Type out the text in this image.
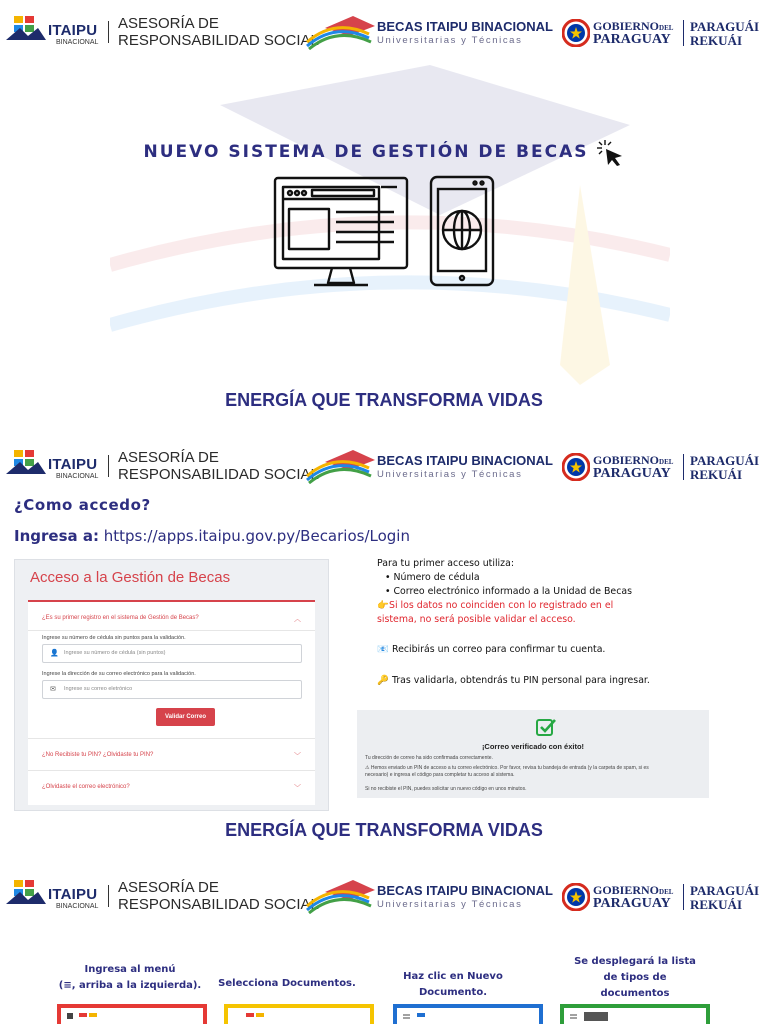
ITAIPU
BINACIONAL
ASESORÍA DE
RESPONSABILIDAD SOCIAL
BECAS ITAIPU BINACIONAL
Universitarias y Técnicas
GOBIERNODEL
PARAGUAY
PARAGUÁI
REKUÁI
NUEVO SISTEMA DE GESTIÓN DE BECAS
ENERGÍA QUE TRANSFORMA VIDAS
ITAIPU
BINACIONAL
ASESORÍA DE
RESPONSABILIDAD SOCIAL
BECAS ITAIPU BINACIONAL
Universitarias y Técnicas
GOBIERNODEL
PARAGUAY
PARAGUÁI
REKUÁI
¿Como accedo?
Ingresa a: https://apps.itaipu.gov.py/Becarios/Login
Acceso a la Gestión de Becas
¿Es su primer registro en el sistema de Gestión de Becas?	︿
Ingrese su número de cédula sin puntos para la validación.
👤 Ingrese su número de cédula (sin puntos)
Ingrese la dirección de su correo electrónico para la validación.
✉ Ingrese su correo eletrónico
Validar Correo
¿No Recibiste tu PIN? ¿Olvidaste tu PIN?	﹀
¿Olvidaste el correo electrónico?	﹀
Para tu primer acceso utiliza:
• Número de cédula
• Correo electrónico informado a la Unidad de Becas
👉Si los datos no coinciden con lo registrado en el
sistema, no será posible validar el acceso.
📧 Recibirás un correo para confirmar tu cuenta.
🔑 Tras validarla, obtendrás tu PIN personal para ingresar.
¡Correo verificado con éxito!
Tu dirección de correo ha sido confirmada correctamente.
⚠ Hemos enviado un PIN de acceso a tu correo electrónico. Por favor, revisa tu bandeja de entrada (y la carpeta de spam, si es
necesario) e ingresa el código para completar tu acceso al sistema.
Si no recibiste el PIN, puedes solicitar un nuevo código en unos minutos.
ENERGÍA QUE TRANSFORMA VIDAS
ITAIPU
BINACIONAL
ASESORÍA DE
RESPONSABILIDAD SOCIAL
BECAS ITAIPU BINACIONAL
Universitarias y Técnicas
GOBIERNODEL
PARAGUAY
PARAGUÁI
REKUÁI
Ingresa al menú
(≡, arriba a la izquierda).	Selecciona Documentos.
Haz clic en Nuevo
Documento.
Se desplegará la lista
de tipos de
documentos
